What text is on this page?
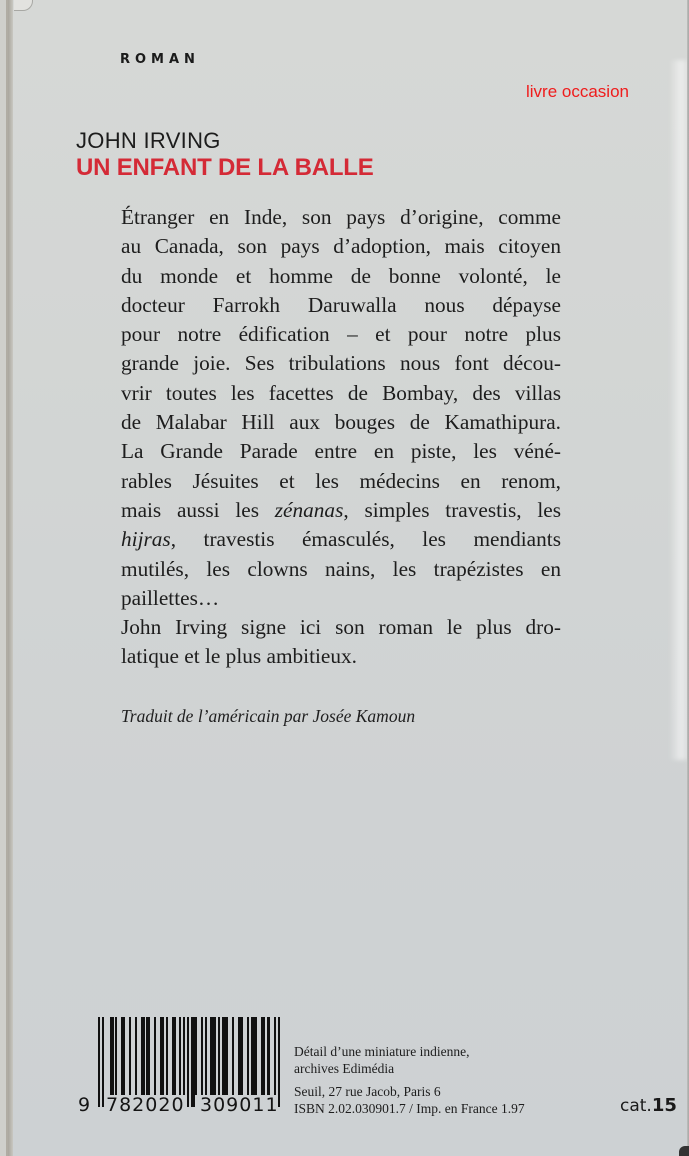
ROMAN
livre occasion
JOHN IRVING
UN ENFANT DE LA BALLE
Étranger en Inde, son pays d’origine, comme
au Canada, son pays d’adoption, mais citoyen
du monde et homme de bonne volonté, le
docteur Farrokh Daruwalla nous dépayse
pour notre édification – et pour notre plus
grande joie. Ses tribulations nous font décou-
vrir toutes les facettes de Bombay, des villas
de Malabar Hill aux bouges de Kamathipura.
La Grande Parade entre en piste, les véné-
rables Jésuites et les médecins en renom,
mais aussi les zénanas, simples travestis, les
hijras, travestis émasculés, les mendiants
mutilés, les clowns nains, les trapézistes en
paillettes…
John Irving signe ici son roman le plus dro-
latique et le plus ambitieux.
Traduit de l’américain par Josée Kamoun
9 782020 309011
Détail d’une miniature indienne,
archives Edimédia
Seuil, 27 rue Jacob, Paris 6
ISBN 2.02.030901.7 / Imp. en France 1.97	cat.15
